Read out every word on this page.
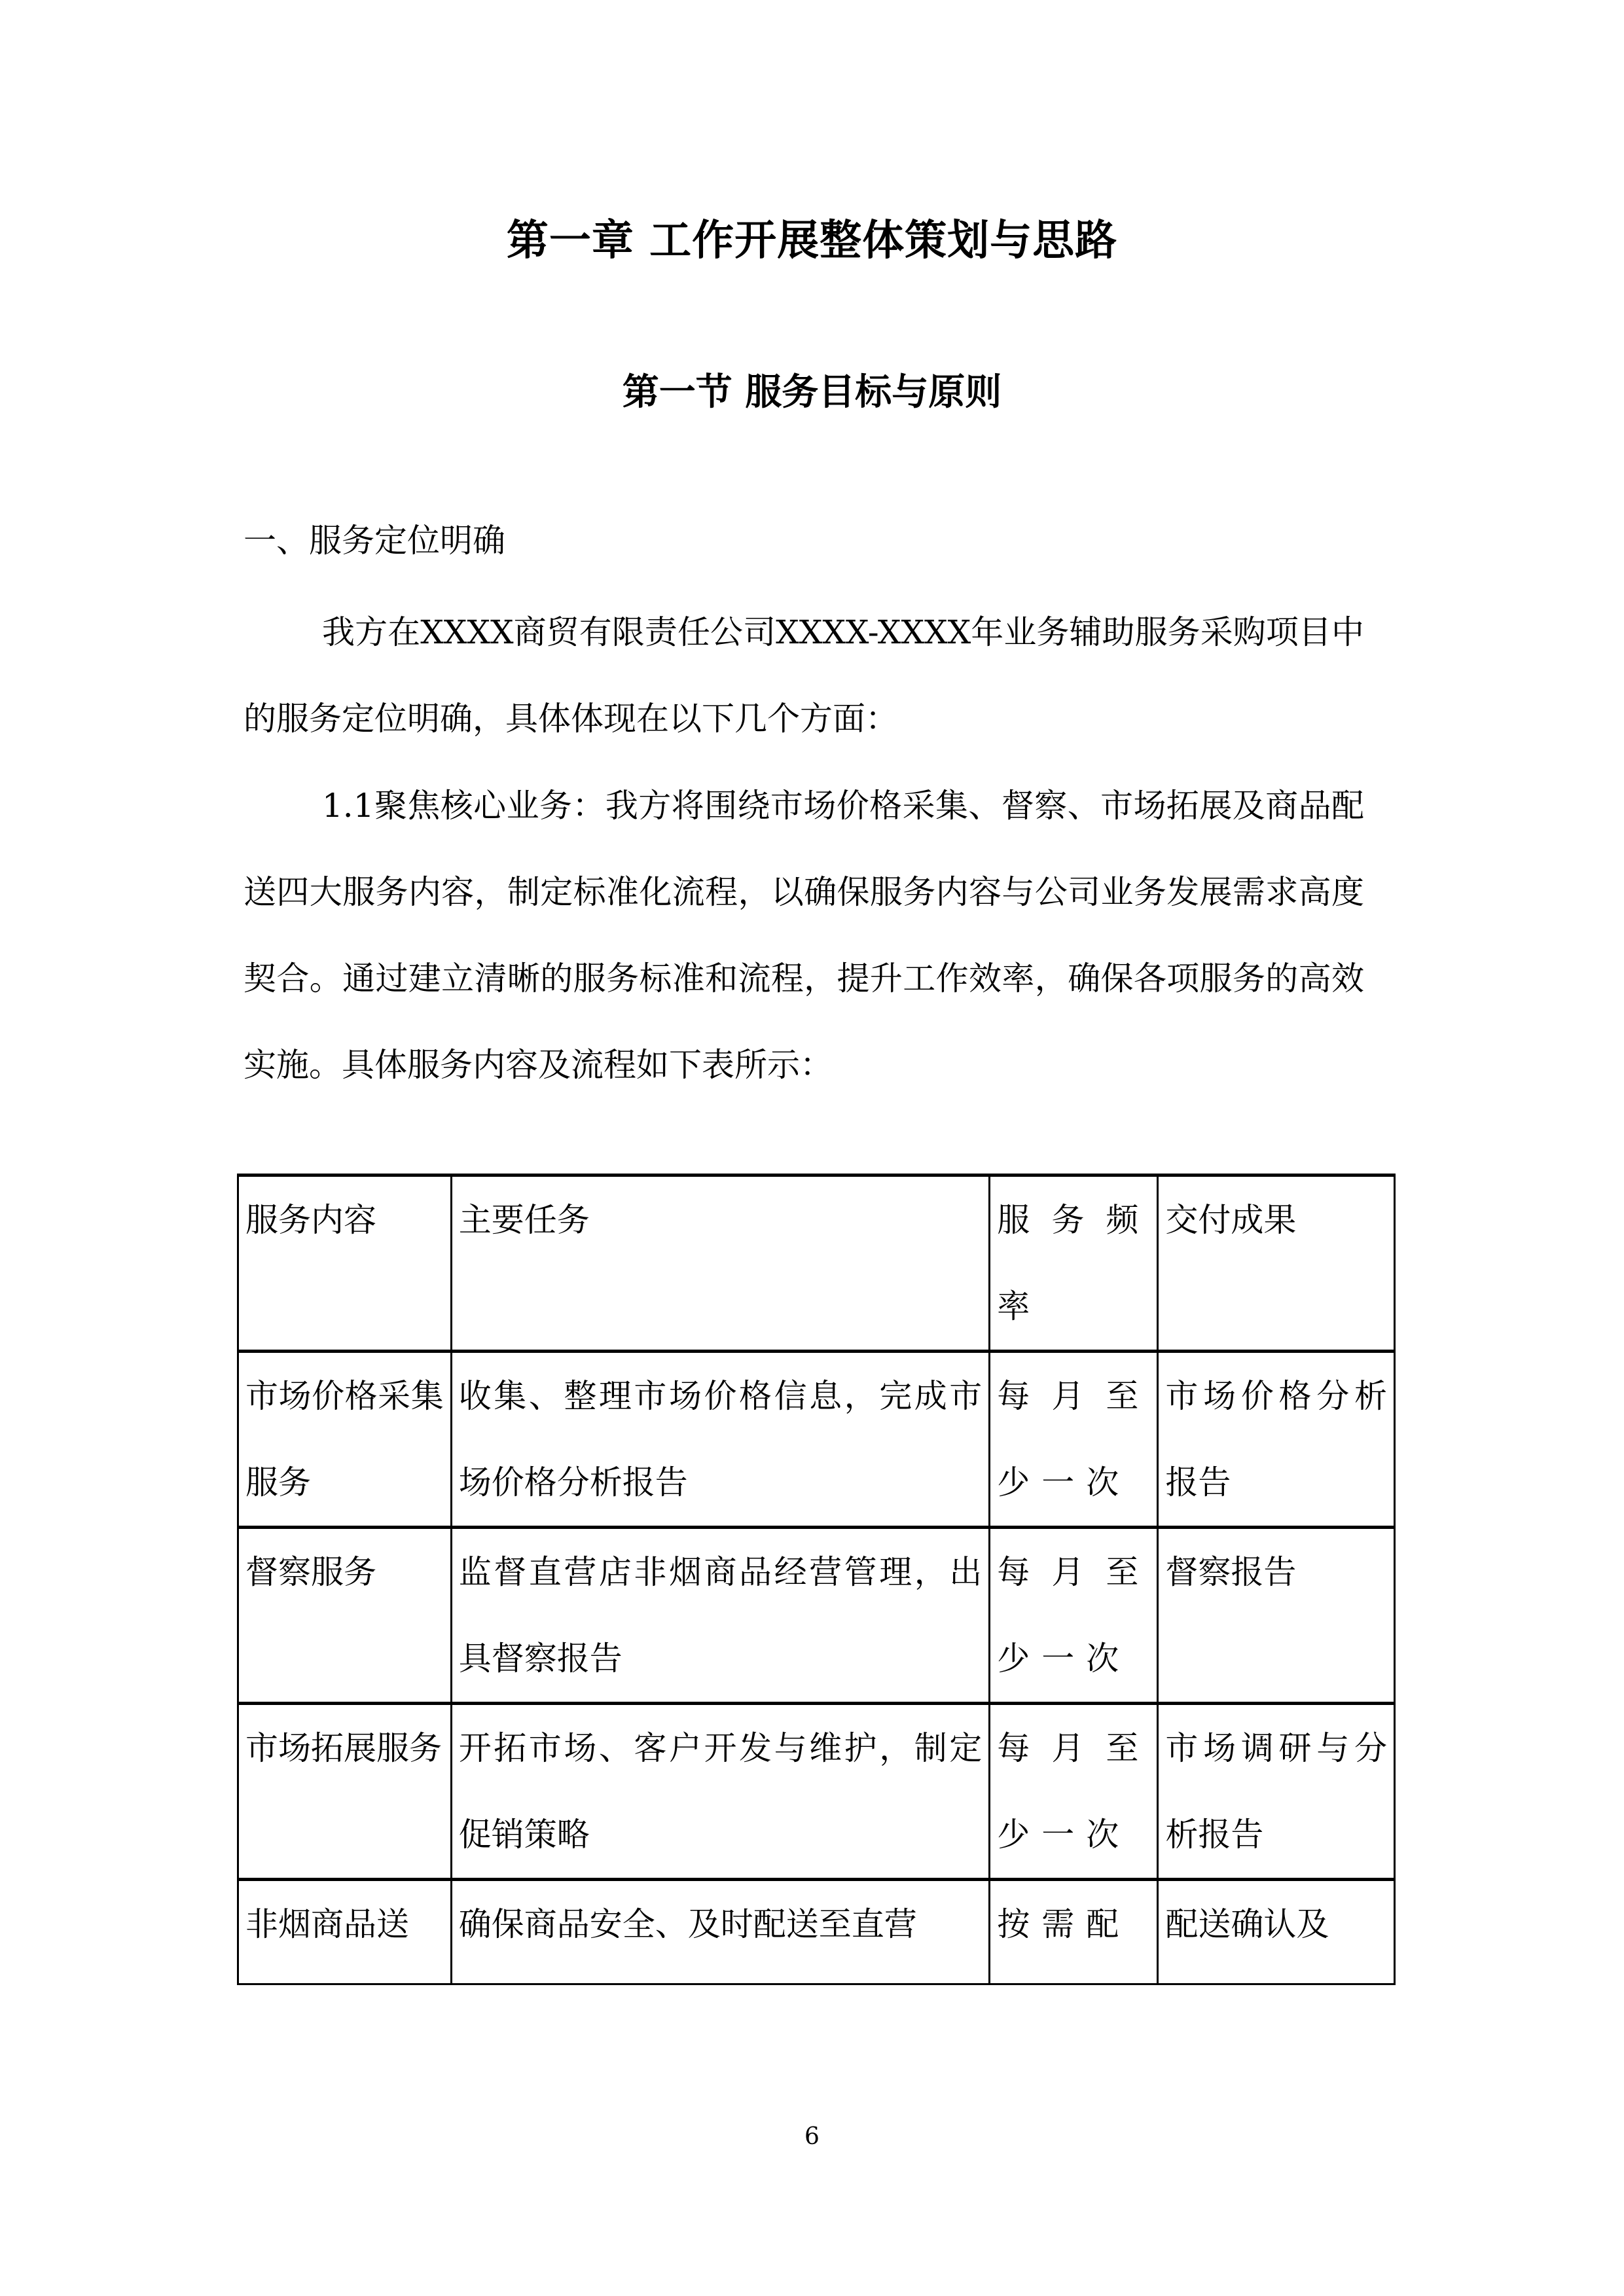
第一章 工作开展整体策划与思路
第一节 服务目标与原则
一、服务定位明确
我方在XXXX商贸有限责任公司XXXX-XXXX年业务辅助服务采购项目中的服务定位明确，具体体现在以下几个方面：
1.1聚焦核心业务：我方将围绕市场价格采集、督察、市场拓展及商品配送四大服务内容，制定标准化流程，以确保服务内容与公司业务发展需求高度契合。通过建立清晰的服务标准和流程，提升工作效率，确保各项服务的高效实施。具体服务内容及流程如下表所示：
服务内容	主要任务	服务频率	交付成果
市场价格采集服务	收集、整理市场价格信息，完成市场价格分析报告	每月至少一次	市场价格分析报告
督察服务	监督直营店非烟商品经营管理，出具督察报告	每月至少一次	督察报告
市场拓展服务	开拓市场、客户开发与维护，制定促销策略	每月至少一次	市场调研与分析报告
非烟商品送	确保商品安全、及时配送至直营	按需配	配送确认及
6
